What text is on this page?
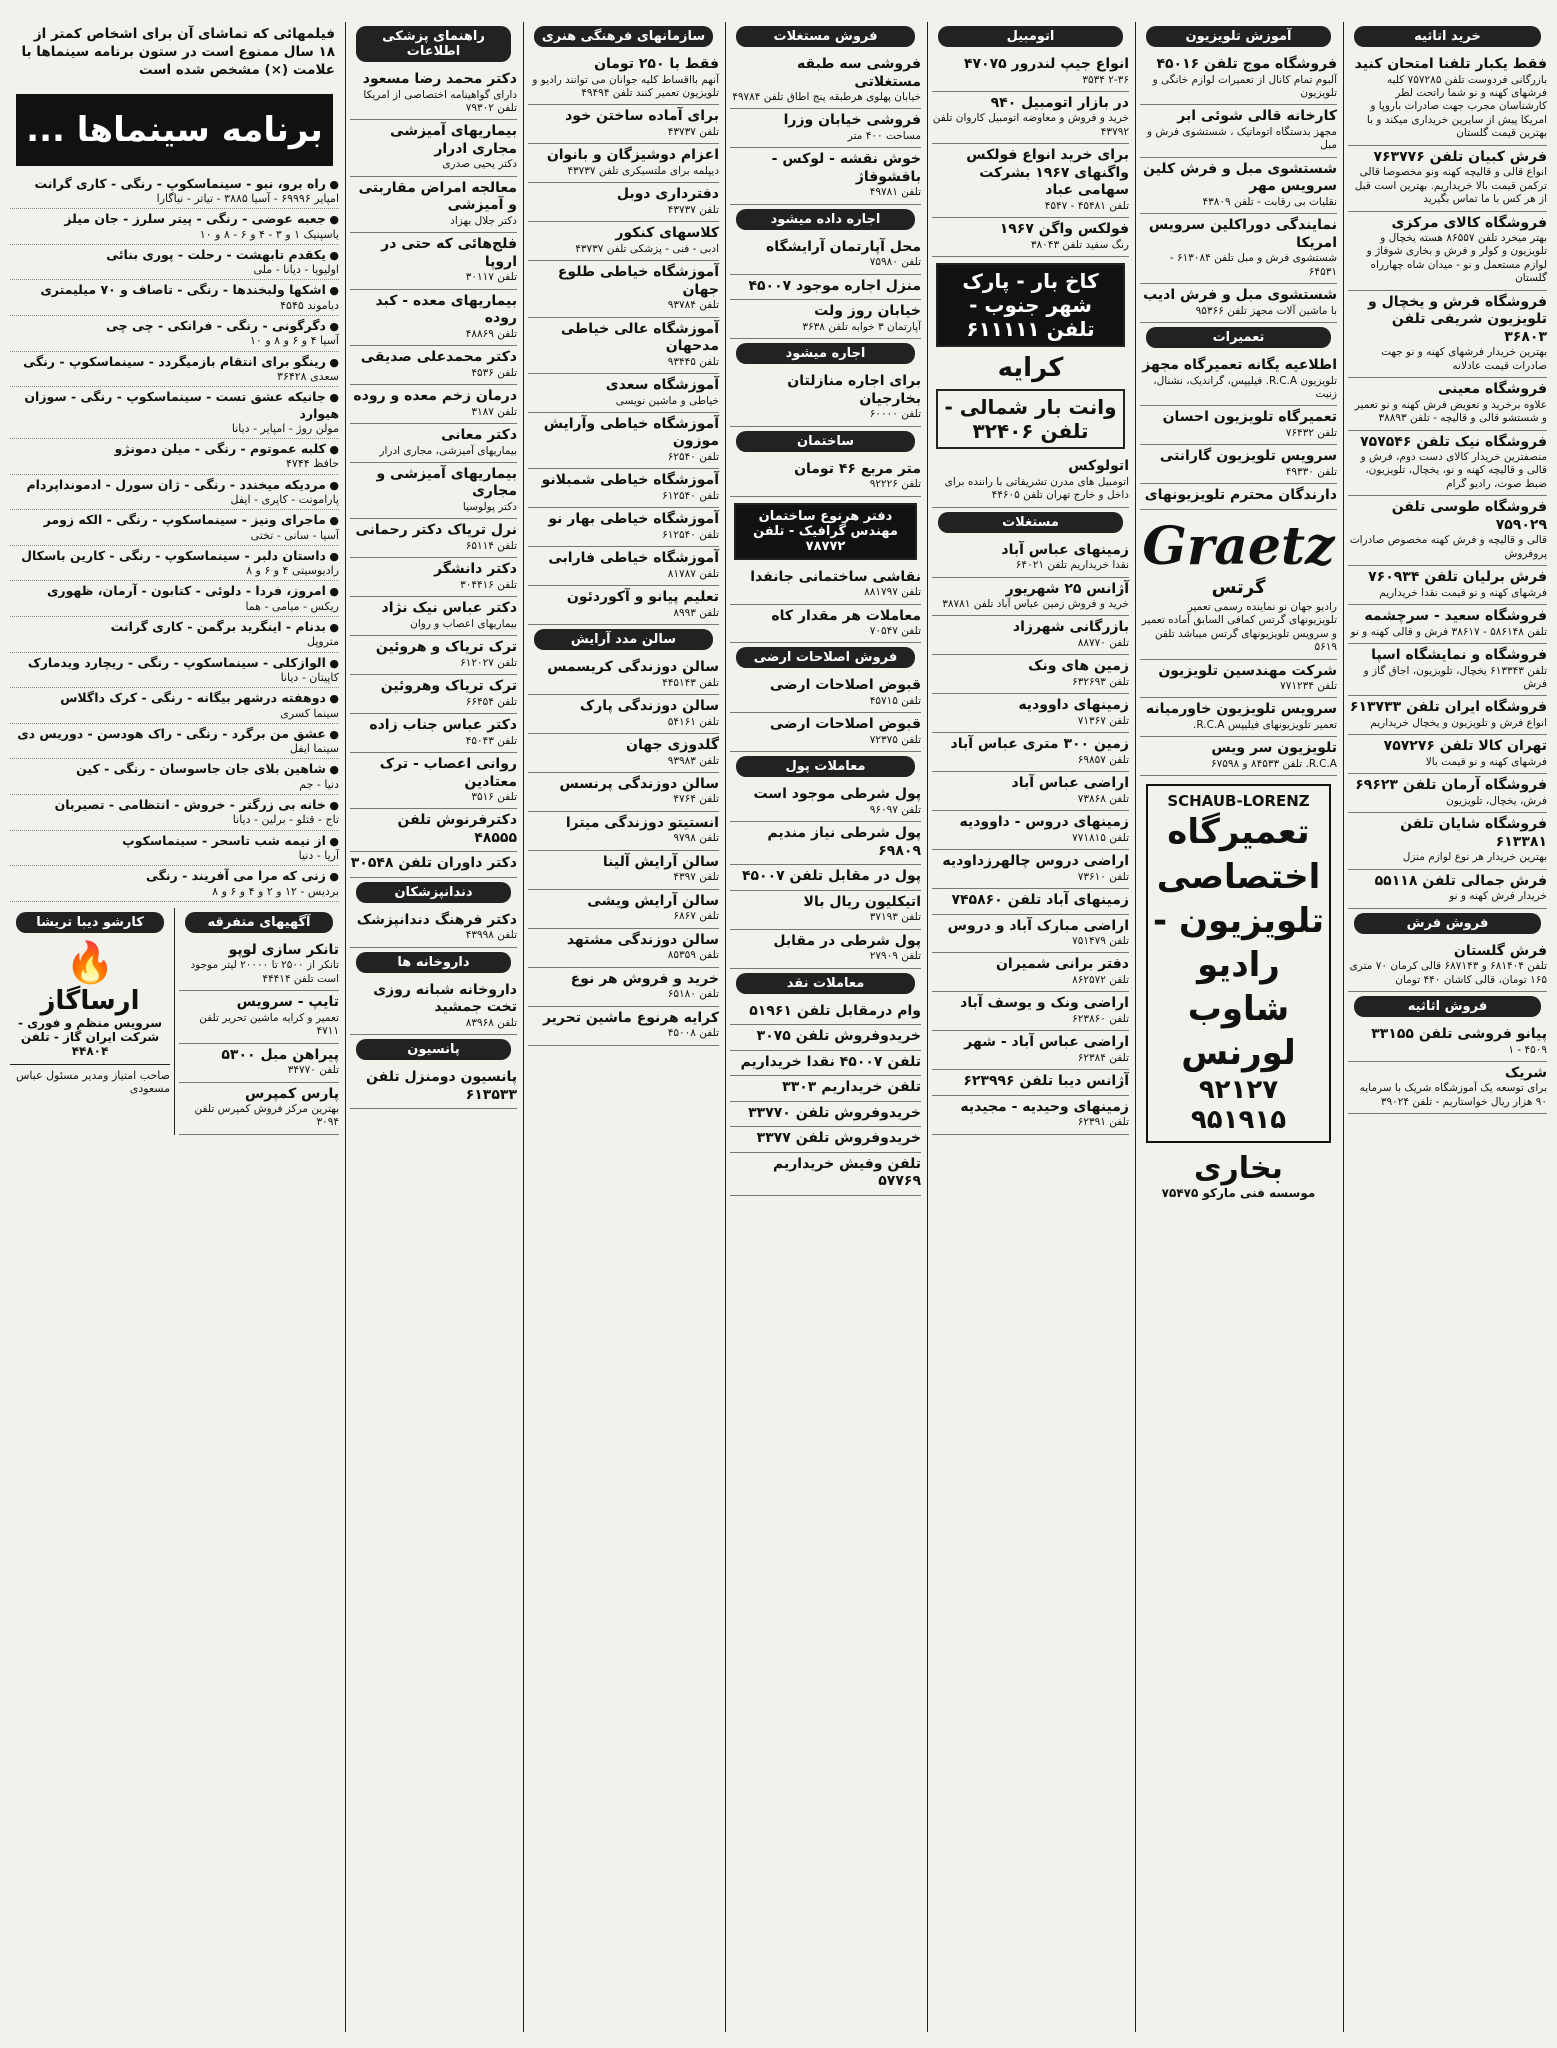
خرید اتاثیه
فقط یکبار تلفنا امتحان کنید
بازرگانی فردوست تلفن ۷۵۷۲۸۵ کلیه فرشهای کهنه و نو شما راتحت لطر کارشناسان مجرب جهت صادرات باروپا و امریکا پیش از سایرین خریداری میکند و با بهترین قیمت گلستان
فرش کبیان تلفن ۷۶۳۷۷۶
انواع قالی و قالیچه کهنه ونو مخصوصا قالی ترکمن قیمت بالا خریداریم. بهترین است قبل از هر کس با ما تماس بگیرید
فروشگاه کالای مرکزی
بهتر میخرد تلفن ۸۶۵۵۷ هسته یخچال و تلویزیون و کولر و فرش و بخاری شوفاژ و لوازم مستعمل و نو - میدان شاه چهارراه گلستان
فروشگاه فرش و یخچال و تلویزیون شریفی تلفن ۳۶۸۰۳
بهترین خریدار فرشهای کهنه و نو جهت صادرات قیمت عادلانه
فروشگاه معینی
علاوه برخرید و تعویض فرش کهنه و نو تعمیر و شستشو قالی و قالیچه - تلفن ۳۸۸۹۳
فروشگاه نیک تلفن ۷۵۷۵۴۶
منصفترین خریدار کالای دست دوم، فرش و قالی و قالیچه کهنه و نو، یخچال، تلویزیون، ضبط صوت، رادیو گرام
فروشگاه طوسی تلفن ۷۵۹۰۲۹
قالی و قالیچه و فرش کهنه مخصوص صادرات پروفروش
فرش برلیان تلفن ۷۶۰۹۳۴
فرشهای کهنه و نو قیمت نقدا خریداریم
فروشگاه سعید - سرچشمه
تلفن ۵۸۶۱۴۸ - ۳۸۶۱۷ فرش و قالی کهنه و نو
فروشگاه و نمایشگاه اسپا
تلفن ۶۱۳۳۴۳ یخچال، تلویزیون، اجاق گاز و فرش
فروشگاه ایران تلفن ۶۱۳۷۳۳
انواع فرش و تلویزیون و یخچال خریداریم
تهران کالا تلفن ۷۵۷۲۷۶
فرشهای کهنه و نو قیمت بالا
فروشگاه آرمان تلفن ۶۹۶۲۳
فرش، یخچال، تلویزیون
فروشگاه شایان تلفن ۶۱۳۳۸۱
بهترین خریدار هر نوع لوازم منزل
فرش جمالی تلفن ۵۵۱۱۸
خریدار فرش کهنه و نو
فروش فرش
فرش گلستان
تلفن ۶۸۱۴۰۴ و ۶۸۷۱۴۳ قالی کرمان ۷۰ متری ۱۶۵ تومان، قالی کاشان ۴۴۰ تومان
فروش اثاثیه
پیانو فروشی تلفن ۳۳۱۵۵
۴۵۰۹ - ۱
شریک
برای توسعه یک آموزشگاه شریک با سرمایه ۹۰ هزار ریال خواستاریم - تلفن ۳۹۰۲۴
آموزش تلویزیون
فروشگاه موج تلفن ۴۵۰۱۶
آلبوم تمام کانال از تعمیرات لوازم خانگی و تلویزیون
کارخانه قالی شوئی ابر
مجهز بدستگاه اتوماتیک ، شستشوی فرش و مبل
شستشوی مبل و فرش کلین سرویس مهر
نقلیات بی رقابت - تلفن ۴۳۸۰۹
نمایندگی دوراکلین سرویس امریکا
شستشوی فرش و مبل تلفن ۶۱۳۰۸۴ - ۶۴۵۳۱
شستشوی مبل و فرش ادیب
با ماشین آلات مجهز تلفن ۹۵۳۶۶
تعمیرات
اطلاعیه یگانه تعمیرگاه مجهز
تلویزیون R.C.A. فیلیپس، گراندیک، نشنال، زنیت
تعمیرگاه تلویزیون احسان
تلفن ۷۶۴۳۲
سرویس تلویزیون گارانتی
تلفن ۴۹۳۳۰
دارندگان محترم تلویزیونهای
Graetz
گرتس
رادیو جهان نو نماینده رسمی تعمیر تلویزیونهای گرتس کمافی السابق آماده تعمیر و سرویس تلویزیونهای گرتس میباشد تلفن ۵۶۱۹
شرکت مهندسین تلویزیون
تلفن ۷۷۱۲۳۴
سرویس تلویزیون خاورمیانه
تعمیر تلویزیونهای فیلیپس R.C.A.
تلویزیون سر ویس
R.C.A. تلفن ۸۴۵۳۳ و ۶۷۵۹۸
SCHAUB-LORENZ
تعمیرگاه اختصاصی تلویزیون - رادیو شاوب لورنس
۹۲۱۲۷ ۹۵۱۹۱۵
بخاری
موسسه فنی مارکو ۷۵۴۷۵
اتومبیل
انواع جیپ لندرور ۴۷۰۷۵
۲-۳۶ ۳۵۳۴
در بازار اتومبیل ۹۴۰
خرید و فروش و معاوضه اتومبیل کاروان تلفن ۴۳۷۹۲
برای خرید انواع فولکس واگنهای ۱۹۶۷ بشرکت سهامی عباد
تلفن ۴۵۴۸۱ - ۴۵۴۷
فولکس واگن ۱۹۶۷
رنگ سفید تلفن ۳۸۰۴۳
کاخ بار - پارک شهر جنوب - تلفن ۶۱۱۱۱۱
کرایه
وانت بار شمالی - تلفن ۳۲۴۰۶
اتولوکس
اتومبیل های مدرن تشریفاتی با راننده برای داخل و خارج تهران تلفن ۴۴۶۰۵
مستغلات
زمینهای عباس آباد
نقدا خریداریم تلفن ۶۴۰۲۱
آژانس ۲۵ شهریور
خرید و فروش زمین عباس آباد تلفن ۳۸۷۸۱
بازرگانی شهرزاد
تلفن ۸۸۷۷۰
زمین های ونک
تلفن ۶۳۲۶۹۳
زمینهای داوودیه
تلفن ۷۱۳۶۷
زمین ۳۰۰ متری عباس آباد
تلفن ۶۹۸۵۷
اراضی عباس آباد
تلفن ۷۳۸۶۸
زمینهای دروس - داوودیه
تلفن ۷۷۱۸۱۵
اراضی دروس چالهرزداودیه
تلفن ۷۳۶۱۰
زمینهای آباد تلفن ۷۴۵۸۶۰
اراضی مبارک آباد و دروس
تلفن ۷۵۱۴۷۹
دفتر برانی شمیران
تلفن ۸۶۲۵۷۲
اراضی ونک و یوسف آباد
تلفن ۶۲۳۸۶۰
اراضی عباس آباد - شهر
تلفن ۶۲۳۸۴
آژانس دیبا تلفن ۶۲۳۹۹۶
زمینهای وحیدیه - مجیدیه
تلفن ۶۲۳۹۱
فروش مستغلات
فروشی سه طبقه مستغلاتی
خیابان پهلوی هرطبقه پنج اطاق تلفن ۴۹۷۸۴
فروشی خیابان وزرا
مساحت ۴۰۰ متر
خوش نقشه - لوکس - بافشوفاژ
تلفن ۴۹۷۸۱
اجاره داده میشود
محل آپارتمان آرایشگاه
تلفن ۷۵۹۸۰
منزل اجاره موجود ۴۵۰۰۷
خیابان روز ولت
آپارتمان ۳ خوابه تلفن ۳۶۳۸
اجاره میشود
برای اجاره منازلتان بخارجیان
تلفن ۶۰۰۰۰
ساختمان
متر مربع ۴۶ تومان
تلفن ۹۲۲۲۶
دفتر هرنوع ساختمان مهندس گرافیک - تلفن ۷۸۷۷۲
نقاشی ساختمانی جانفدا
تلفن ۸۸۱۷۹۷
معاملات هر مقدار کاه
تلفن ۷۰۵۴۷
فروش اصلاحات ارضی
قبوض اصلاحات ارضی
تلفن ۴۵۷۱۵
قبوض اصلاحات ارضی
تلفن ۷۲۳۷۵
معاملات پول
پول شرطی موجود است
تلفن ۹۶۰۹۷
پول شرطی نیاز مندیم ۶۹۸۰۹
پول در مقابل تلفن ۴۵۰۰۷
اتیکلیون ریال بالا
تلفن ۳۷۱۹۳
پول شرطی در مقابل
تلفن ۲۷۹۰۹
معاملات نقد
وام درمقابل تلفن ۵۱۹۶۱
خریدوفروش تلفن ۳۰۷۵
تلفن ۴۵۰۰۷ نقدا خریداریم
تلفن خریداریم ۳۳۰۳
خریدوفروش تلفن ۳۳۷۷۰
خریدوفروش تلفن ۳۳۷۷
تلفن وفیش خریداریم ۵۷۷۶۹
سازمانهای فرهنگی هنری
فقط با ۲۵۰ تومان
آنهم بااقساط کلیه جوانان می توانند رادیو و تلویزیون تعمیر کنند تلفن ۴۹۴۹۴
برای آماده ساختن خود
تلفن ۴۳۷۳۷
اعزام دوشیزگان و بانوان
دیپلمه برای ملتسیکری تلفن ۴۳۷۳۷
دفترداری دوبل
تلفن ۴۳۷۳۷
کلاسهای کنکور
ادبی - فنی - پزشکی تلفن ۴۳۷۳۷
آموزشگاه خیاطی طلوع جهان
تلفن ۹۳۷۸۴
آموزشگاه عالی خیاطی مدحهان
تلفن ۹۳۴۴۵
آموزشگاه سعدی
خیاطی و ماشین نویسی
آموزشگاه خیاطی وآرایش موزون
تلفن ۶۲۵۴۰
آموزشگاه خیاطی شمبلانو
تلفن ۶۱۲۵۴۰
آموزشگاه خیاطی بهار نو
تلفن ۶۱۲۵۴۰
آموزشگاه خیاطی فارابی
تلفن ۸۱۷۸۷
تعلیم پیانو و آکوردئون
تلفن ۸۹۹۳
سالن مدد آرایش
سالن دوزندگی کریسمس
تلفن ۴۴۵۱۴۳
سالن دوزندگی پارک
تلفن ۵۴۱۶۱
گلدوزی جهان
تلفن ۹۳۹۸۳
سالن دوزندگی پرنسس
تلفن ۴۷۶۴
انستیتو دوزندگی میترا
تلفن ۹۷۹۸
سالن آرایش آلینا
تلفن ۴۳۹۷
سالن آرایش ویشی
تلفن ۶۸۶۷
سالن دوزندگی مشتهد
تلفن ۸۵۳۵۹
خرید و فروش هر نوع
تلفن ۶۵۱۸۰
کرایه هرنوع ماشین تحریر
تلفن ۴۵۰۰۸
راهنمای پزشکی اطلاعات
دکتر محمد رضا مسعود
دارای گواهینامه اختصاصی از امریکا تلفن ۷۹۳۰۲
بیماریهای آمیزشی مجاری ادرار
دکتر یحیی صدری
معالجه امراض مقاربتی و آمیزشی
دکتر جلال بهزاد
فلج‌هائی که حتی در اروپا
تلفن ۳۰۱۱۷
بیماریهای معده - کبد روده
تلفن ۴۸۸۶۹
دکتر محمدعلی صدیقی
تلفن ۴۵۳۶
درمان زخم معده و روده
تلفن ۳۱۸۷
دکتر معانی
بیماریهای آمیزشی، مجاری ادرار
بیماریهای آمیزشی و مجاری
دکتر پولوسیا
نرل تریاک دکتر رحمانی
تلفن ۶۵۱۱۴
دکتر دانشگر
تلفن ۳۰۴۴۱۶
دکتر عباس نیک نژاد
بیماریهای اعصاب و روان
ترک تریاک و هروئین
تلفن ۶۱۲۰۲۷
ترک تریاک وهروئین
تلفن ۶۶۴۵۴
دکتر عباس جناب زاده
تلفن ۴۵۰۴۳
روانی اعصاب - ترک معتادین
تلفن ۳۵۱۶
دکترفرنوش تلفن ۴۸۵۵۵
دکتر داوران تلفن ۳۰۵۴۸
دندانپزشکان
دکتر فرهنگ دندانپزشک
تلفن ۴۳۹۹۸
داروخانه ها
داروخانه شبانه روزی تخت جمشید
تلفن ۸۳۹۶۸
پانسیون
پانسیون دومنزل تلفن ۶۱۳۵۳۳
فیلمهائی که تماشای آن برای اشخاص کمتر از ۱۸ سال ممنوع است در ستون برنامه سینماها با علامت (×) مشخص شده است
برنامه سینماها ...
● راه برو، نبو - سینماسکوپ - رنگی - کاری گرانت
امپایر ۶۹۹۹۶ - آسیا ۳۸۸۵ - تیاتر - نیاگارا
● جعبه عوضی - رنگی - پیتر سلرز - جان میلز
یاسپنیک ۱ و ۳ - ۴ و ۶ - ۸ و ۱۰
● یکقدم تابهشت - رحلت - پوری بنائی
اولیویا - دیانا - ملی
● اشکها ولبخندها - رنگی - تاصاف و ۷۰ میلیمتری
دیاموند ۴۵۴۵
● دگرگونی - رنگی - فرانکی - چی چی
آسیا ۴ و ۶ و ۸ و ۱۰
● رینگو برای انتقام بازمیگردد - سینماسکوپ - رنگی
سعدی ۳۶۴۲۸
● جانیکه عشق تست - سینماسکوپ - رنگی - سوزان هیوارد
مولن روژ - امپایر - دیانا
● کلبه عموتوم - رنگی - میلن دمونژو
حافظ ۴۷۴۴
● مردیکه میخندد - رنگی - ژان سورل - ادمونداپردام
پارامونت - کاپری - ایفل
● ماجرای ونیز - سینماسکوپ - رنگی - الکه زومر
آسیا - سانی - تختی
● داستان دلبر - سینماسکوپ - رنگی - کارین باسکال
رادیوسیتی ۴ و ۶ و ۸
● امروز، فردا - دلوئی - کتابون - آرمان، ظهوری
ریکس - میامی - هما
● بدنام - اینگرید برگمن - کاری گرانت
متروپل
● الوازکلی - سینماسکوپ - رنگی - ریچارد ویدمارک
کاپیتان - دیانا
● دوهفته درشهر بیگانه - رنگی - کرک داگلاس
سینما کسری
● عشق من برگرد - رنگی - راک هودسن - دوریس دی
سینما ایفل
● شاهین بلای جان جاسوسان - رنگی - کین
دنیا - جم
● خانه بی زرگتر - خروش - انتظامی - تصیربان
تاج - قتلو - برلین - دیانا
● از نیمه شب تاسحر - سینماسکوپ
آریا - دنیا
● زنی که مرا می آفریند - رنگی
بردیس - ۱۲ و ۲ و ۴ و ۶ و ۸
آگهیهای متفرقه
تانکر سازی لوپو
تانکر از ۲۵۰۰ تا ۲۰۰۰۰ لیتر موجود است تلفن ۴۴۴۱۴
تایپ - سرویس
تعمیر و کرایه ماشین تحریر تلفن ۴۷۱۱
پیراهن مبل ۵۳۰۰
تلفن ۳۴۷۷۰
پارس کمپرس
بهترین مرکز فروش کمپرس تلفن ۳۰۹۴
کارشو دیبا تریشا
🔥
ارساگاز
سرویس منظم و فوری - شرکت ایران گاز - تلفن ۴۴۸۰۴
صاحب امتیاز ومدیر مسئول عباس مسعودی
